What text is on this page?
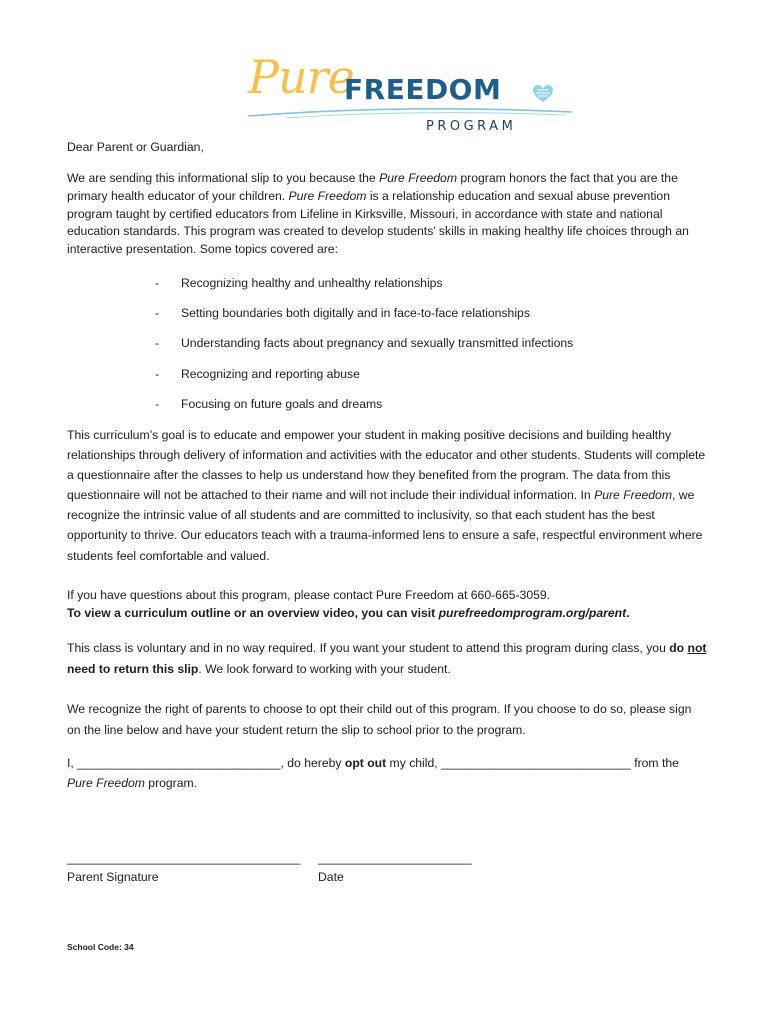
Pure
FREEDOM
PROGRAM

Dear Parent or Guardian,

We are sending this informational slip to you because the Pure Freedom program honors the fact that you are the primary health educator of your children. Pure Freedom is a relationship education and sexual abuse prevention program taught by certified educators from Lifeline in Kirksville, Missouri, in accordance with state and national education standards. This program was created to develop students’ skills in making healthy life choices through an interactive presentation. Some topics covered are:

- Recognizing healthy and unhealthy relationships
- Setting boundaries both digitally and in face-to-face relationships
- Understanding facts about pregnancy and sexually transmitted infections
- Recognizing and reporting abuse
- Focusing on future goals and dreams

This curriculum’s goal is to educate and empower your student in making positive decisions and building healthy relationships through delivery of information and activities with the educator and other students. Students will complete a questionnaire after the classes to help us understand how they benefited from the program. The data from this questionnaire will not be attached to their name and will not include their individual information. In Pure Freedom, we recognize the intrinsic value of all students and are committed to inclusivity, so that each student has the best opportunity to thrive. Our educators teach with a trauma-informed lens to ensure a safe, respectful environment where students feel comfortable and valued.

If you have questions about this program, please contact Pure Freedom at 660-665-3059.
To view a curriculum outline or an overview video, you can visit purefreedomprogram.org/parent.

This class is voluntary and in no way required. If you want your student to attend this program during class, you do not need to return this slip. We look forward to working with your student.

We recognize the right of parents to choose to opt their child out of this program. If you choose to do so, please sign on the line below and have your student return the slip to school prior to the program.

I, ______________________________, do hereby opt out my child, ____________________________ from the
Pure Freedom program.

___________________________________ _______________________
Parent Signature	Date
School Code: 34
